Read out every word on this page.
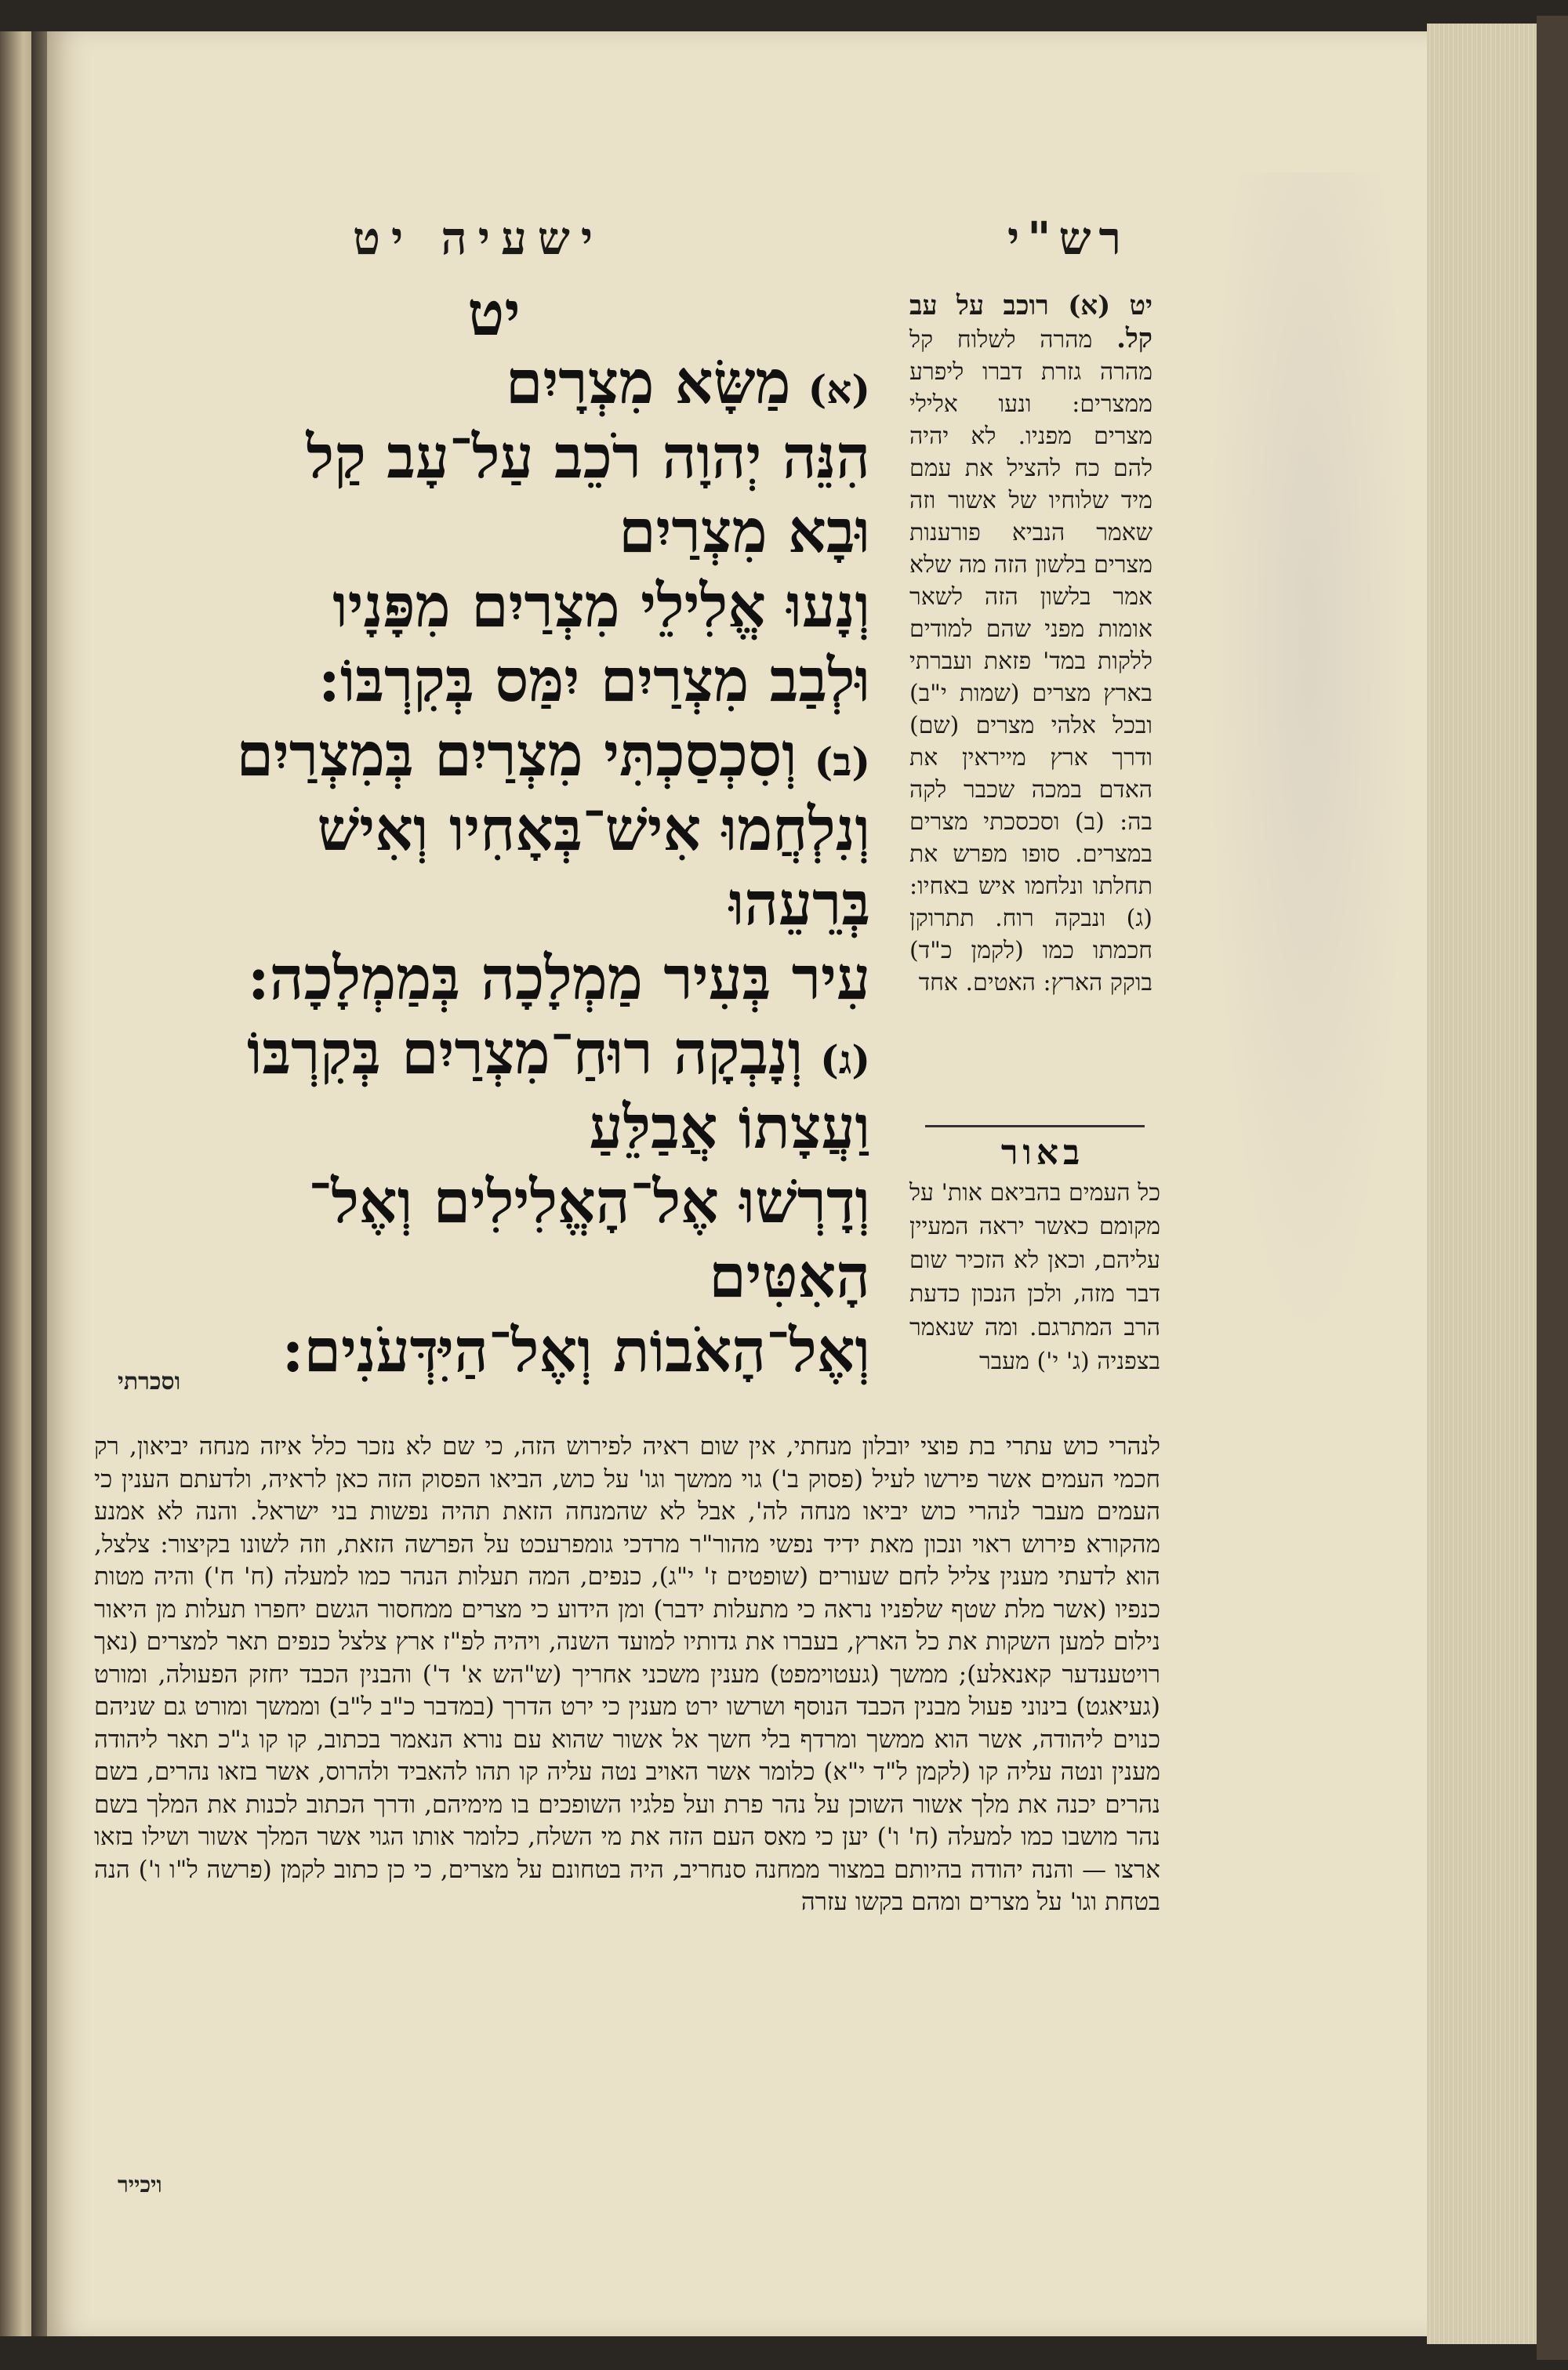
ישעיה יט	רש"י
יט
(א)מַשָּׂא מִצְרָיִם
הִנֵּה יְהוָה רֹכֵב עַל־עָב קַל
וּבָא מִצְרַיִם
וְנָעוּ אֱלִילֵי מִצְרַיִם מִפָּנָיו
וּלְבַב מִצְרַיִם יִמַּס בְּקִרְבּוֹ:
(ב)וְסִכְסַכְתִּי מִצְרַיִם בְּמִצְרַיִם
וְנִלְחֲמוּ אִישׁ־בְּאָחִיו וְאִישׁ
בְּרֵעֵהוּ
עִיר בְּעִיר מַמְלָכָה בְּמַמְלָכָה:
(ג)וְנָבְקָה רוּחַ־מִצְרַיִם בְּקִרְבּוֹ
וַעֲצָתוֹ אֲבַלֵּעַ
וְדָרְשׁוּ אֶל־הָאֱלִילִים וְאֶל־
הָאִטִּים
וְאֶל־הָאֹבוֹת וְאֶל־הַיִּדְּעֹנִים:
וסכרתי
יט (א) רוכב על עב קל. מהרה לשלוח קל מהרה גזרת דברו ליפרע ממצרים: ונעו אלילי מצרים מפניו. לא יהיה להם כח להציל את עמם מיד שלוחיו של אשור וזה שאמר הנביא פורענות מצרים בלשון הזה מה שלא אמר בלשון הזה לשאר אומות מפני שהם למודים ללקות במד' פזאת ועברתי בארץ מצרים (שמות י"ב) ובכל אלהי מצרים (שם) ודרך ארץ מייראין את האדם במכה שכבר לקה בה: (ב) וסכסכתי מצרים במצרים. סופו מפרש את תחלתו ונלחמו איש באחיו: (ג) ונבקה רוח. תתרוקן חכמתו כמו (לקמן כ"ד) בוקק הארץ: האטים. אחד
באור
כל העמים בהביאם אות' על מקומם כאשר יראה המעיין עליהם, וכאן לא הזכיר שום דבר מזה, ולכן הנכון כדעת הרב המתרגם. ומה שנאמר בצפניה (ג' י') מעבר
לנהרי כוש עתרי בת פוצי יובלון מנחתי, אין שום ראיה לפירוש הזה, כי שם לא נזכר כלל איזה מנחה יביאון, רק חכמי העמים אשר פירשו לעיל (פסוק ב') גוי ממשך וגו' על כוש, הביאו הפסוק הזה כאן לראיה, ולדעתם הענין כי העמים מעבר לנהרי כוש יביאו מנחה לה', אבל לא שהמנחה הזאת תהיה נפשות בני ישראל. והנה לא אמנע מהקורא פירוש ראוי ונכון מאת ידיד נפשי מהור"ר מרדכי גומפרעכט על הפרשה הזאת, וזה לשונו בקיצור: צלצל, הוא לדעתי מענין צליל לחם שעורים (שופטים ז' י"ג), כנפים, המה תעלות הנהר כמו למעלה (ח' ח') והיה מטות כנפיו (אשר מלת שטף שלפניו נראה כי מתעלות ידבר) ומן הידוע כי מצרים ממחסור הגשם יחפרו תעלות מן היאור נילום למען השקות את כל הארץ, בעברו את גדותיו למועד השנה, ויהיה לפ"ז ארץ צלצל כנפים תאר למצרים (נאך רויטענדער קאנאלע); ממשך (געטוימפט) מענין משכני אחריך (ש"הש א' ד') והבנין הכבד יחזק הפעולה, ומורט (געיאגט) בינוני פעול מבנין הכבד הנוסף ושרשו ירט מענין כי ירט הדרך (במדבר כ"ב ל"ב) וממשך ומורט גם שניהם כנוים ליהודה, אשר הוא ממשך ומרדף בלי חשך אל אשור שהוא עם נורא הנאמר בכתוב, קו קו ג"כ תאר ליהודה מענין ונטה עליה קו (לקמן ל"ד י"א) כלומר אשר האויב נטה עליה קו תהו להאביד ולהרוס, אשר בזאו נהרים, בשם נהרים יכנה את מלך אשור השוכן על נהר פרת ועל פלגיו השופכים בו מימיהם, ודרך הכתוב לכנות את המלך בשם נהר מושבו כמו למעלה (ח' ו') יען כי מאס העם הזה את מי השלח, כלומר אותו הגוי אשר המלך אשור ושילו בזאו ארצו — והנה יהודה בהיותם במצור ממחנה סנחריב, היה בטחונם על מצרים, כי כן כתוב לקמן (פרשה ל"ו ו') הנה בטחת וגו' על מצרים ומהם בקשו עזרה
ויכייר
